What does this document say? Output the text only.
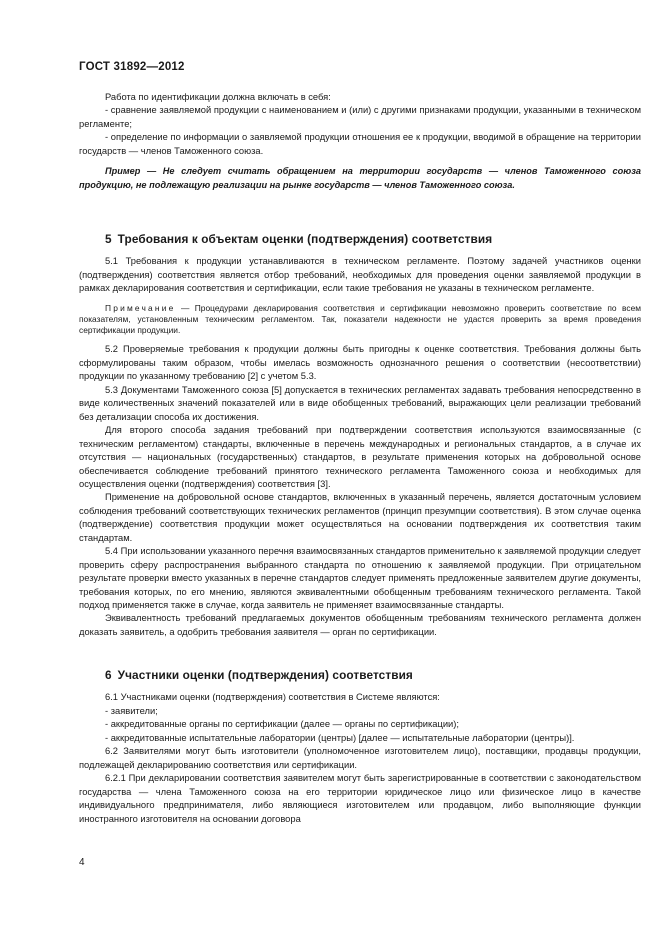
ГОСТ 31892—2012

Работа по идентификации должна включать в себя:

- сравнение заявляемой продукции с наименованием и (или) с другими признаками продукции, указанными в техническом регламенте;

- определение по информации о заявляемой продукции отношения ее к продукции, вводимой в обращение на территории государств — членов Таможенного союза.

Пример — Не следует считать обращением на территории государств — членов Таможенного союза продукцию, не подлежащую реализации на рынке государств — членов Таможенного союза.

5 Требования к объектам оценки (подтверждения) соответствия

5.1 Требования к продукции устанавливаются в техническом регламенте. Поэтому задачей участников оценки (подтверждения) соответствия является отбор требований, необходимых для проведения оценки заявляемой продукции в рамках декларирования соответствия и сертификации, если такие требования не указаны в техническом регламенте.

Примечание — Процедурами декларирования соответствия и сертификации невозможно проверить соответствие по всем показателям, установленным техническим регламентом. Так, показатели надежности не удастся проверить за время проведения сертификации продукции.

5.2 Проверяемые требования к продукции должны быть пригодны к оценке соответствия. Требования должны быть сформулированы таким образом, чтобы имелась возможность однозначного решения о соответствии (несоответствии) продукции по указанному требованию [2] с учетом 5.3.

5.3 Документами Таможенного союза [5] допускается в технических регламентах задавать требования непосредственно в виде количественных значений показателей или в виде обобщенных требований, выражающих цели реализации требований без детализации способа их достижения.

Для второго способа задания требований при подтверждении соответствия используются взаимосвязанные (с техническим регламентом) стандарты, включенные в перечень международных и региональных стандартов, а в случае их отсутствия — национальных (государственных) стандартов, в результате применения которых на добровольной основе обеспечивается соблюдение требований принятого технического регламента Таможенного союза и необходимых для осуществления оценки (подтверждения) соответствия [3].

Применение на добровольной основе стандартов, включенных в указанный перечень, является достаточным условием соблюдения требований соответствующих технических регламентов (принцип презумпции соответствия). В этом случае оценка (подтверждение) соответствия продукции может осуществляться на основании подтверждения их соответствия таким стандартам.

5.4 При использовании указанного перечня взаимосвязанных стандартов применительно к заявляемой продукции следует проверить сферу распространения выбранного стандарта по отношению к заявляемой продукции. При отрицательном результате проверки вместо указанных в перечне стандартов следует применять предложенные заявителем другие документы, требования которых, по его мнению, являются эквивалентными обобщенным требованиям технического регламента. Такой подход применяется также в случае, когда заявитель не применяет взаимосвязанные стандарты.

Эквивалентность требований предлагаемых документов обобщенным требованиям технического регламента должен доказать заявитель, а одобрить требования заявителя — орган по сертификации.

6 Участники оценки (подтверждения) соответствия

6.1 Участниками оценки (подтверждения) соответствия в Системе являются:

- заявители;

- аккредитованные органы по сертификации (далее — органы по сертификации);

- аккредитованные испытательные лаборатории (центры) [далее — испытательные лаборатории (центры)].

6.2 Заявителями могут быть изготовители (уполномоченное изготовителем лицо), поставщики, продавцы продукции, подлежащей декларированию соответствия или сертификации.

6.2.1 При декларировании соответствия заявителем могут быть зарегистрированные в соответствии с законодательством государства — члена Таможенного союза на его территории юридическое лицо или физическое лицо в качестве индивидуального предпринимателя, либо являющиеся изготовителем или продавцом, либо выполняющие функции иностранного изготовителя на основании договора

4
